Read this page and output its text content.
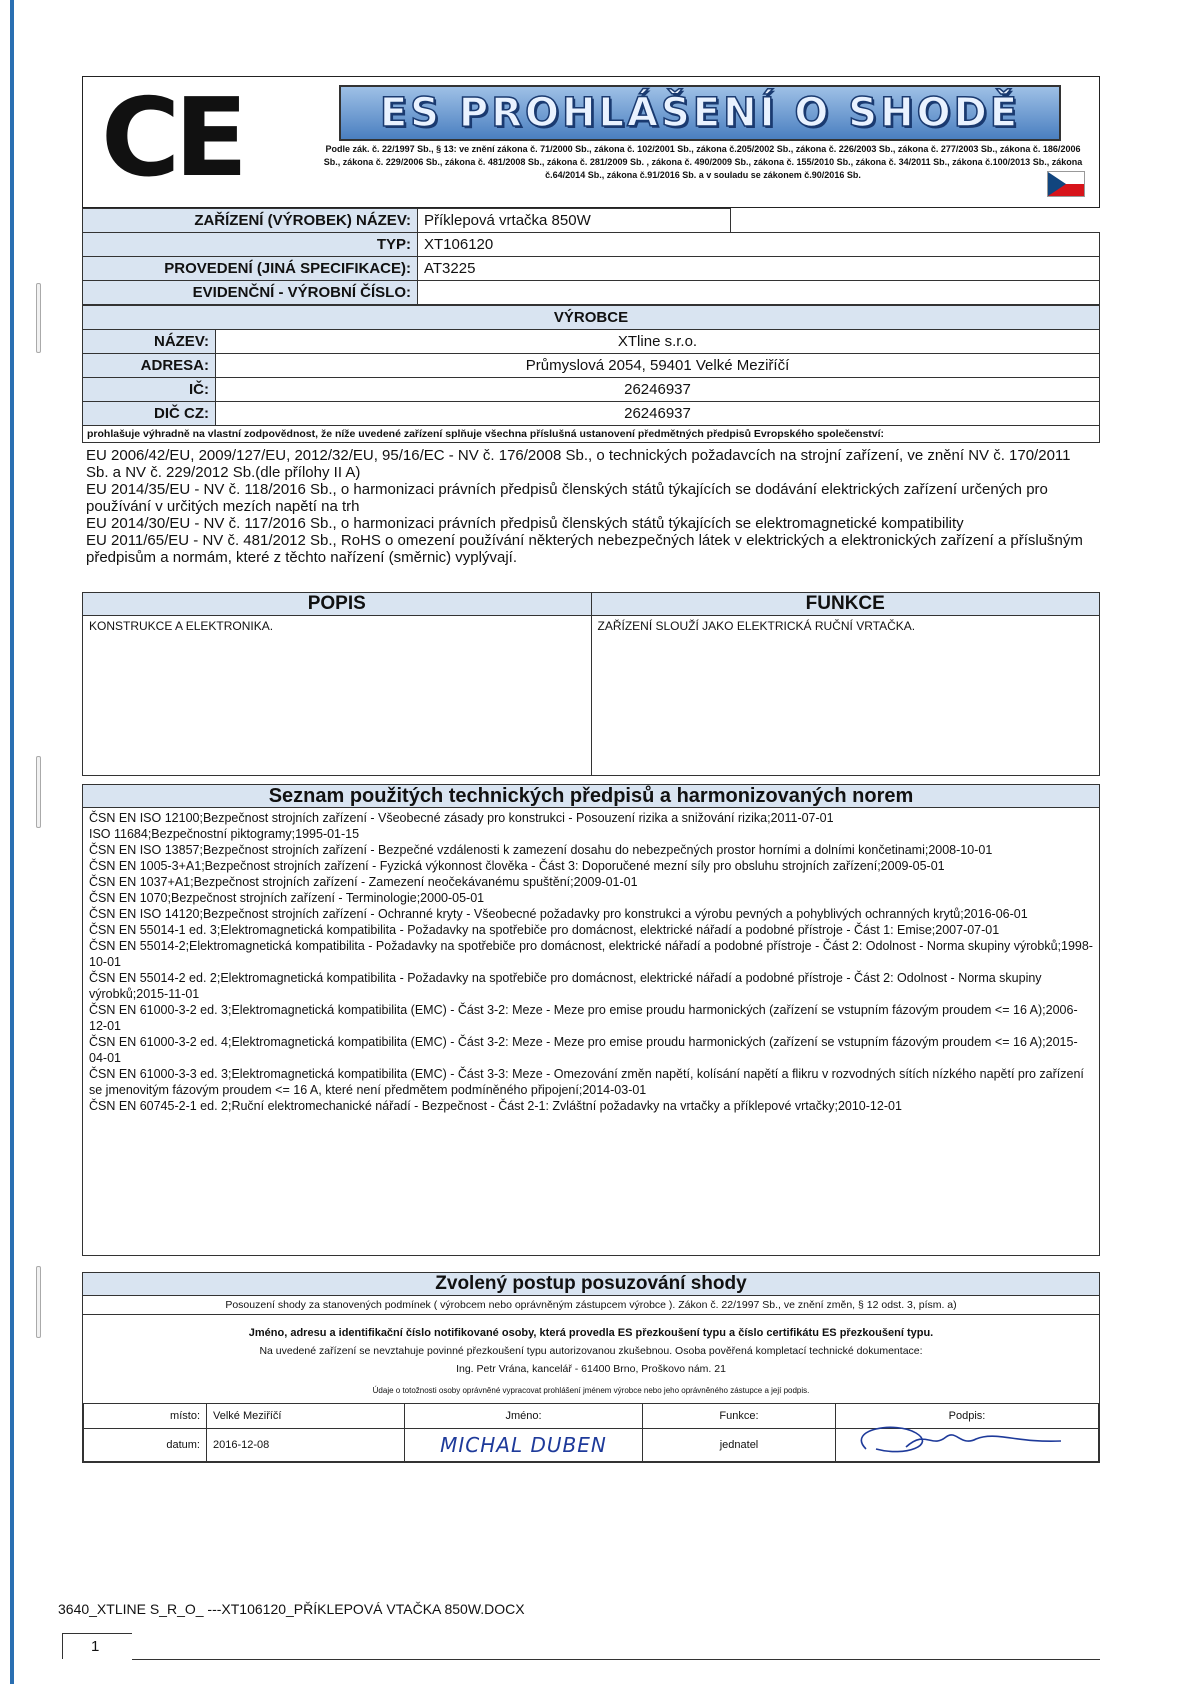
CE	ES PROHLÁŠENÍ O SHODĚ
Podle zák. č. 22/1997 Sb., § 13: ve znění zákona č. 71/2000 Sb., zákona č. 102/2001 Sb., zákona č.205/2002 Sb., zákona č. 226/2003 Sb., zákona č. 277/2003 Sb., zákona č. 186/2006 Sb., zákona č. 229/2006 Sb., zákona č. 481/2008 Sb., zákona č. 281/2009 Sb. , zákona č. 490/2009 Sb., zákona č. 155/2010 Sb., zákona č. 34/2011 Sb., zákona č.100/2013 Sb., zákona č.64/2014 Sb., zákona č.91/2016 Sb. a v souladu se zákonem č.90/2016 Sb.
ZAŘÍZENÍ (VÝROBEK) NÁZEV:	Příklepová vrtačka 850W	
TYP:	XT106120	
PROVEDENÍ (JINÁ SPECIFIKACE):	AT3225	
EVIDENČNÍ - VÝROBNÍ ČÍSLO:		
VÝROBCE	
NÁZEV:	XTline s.r.o.
ADRESA:	Průmyslová 2054, 59401 Velké Meziříčí
IČ:	26246937
DIČ CZ:	26246937
prohlašuje výhradně na vlastní zodpovědnost, že níže uvedené zařízení splňuje všechna příslušná ustanovení předmětných předpisů Evropského společenství:
EU 2006/42/EU, 2009/127/EU, 2012/32/EU, 95/16/EC - NV č. 176/2008 Sb., o technických požadavcích na strojní zařízení, ve znění NV č. 170/2011 Sb. a NV č. 229/2012 Sb.(dle přílohy II A)
EU 2014/35/EU - NV č. 118/2016 Sb., o harmonizaci právních předpisů členských států týkajících se dodávání elektrických zařízení určených pro používání v určitých mezích napětí na trh
EU 2014/30/EU - NV č. 117/2016 Sb., o harmonizaci právních předpisů členských států týkajících se elektromagnetické kompatibility
EU 2011/65/EU - NV č. 481/2012 Sb., RoHS o omezení používání některých nebezpečných látek v elektrických a elektronických zařízení a příslušným předpisům a normám, které z těchto nařízení (směrnic) vyplývají.
POPIS
KONSTRUKCE A ELEKTRONIKA.
FUNKCE
ZAŘÍZENÍ SLOUŽÍ JAKO ELEKTRICKÁ RUČNÍ VRTAČKA.
Seznam použitých technických předpisů a harmonizovaných norem
ČSN EN ISO 12100;Bezpečnost strojních zařízení - Všeobecné zásady pro konstrukci - Posouzení rizika a snižování rizika;2011-07-01
ISO 11684;Bezpečnostní piktogramy;1995-01-15
ČSN EN ISO 13857;Bezpečnost strojních zařízení - Bezpečné vzdálenosti k zamezení dosahu do nebezpečných prostor horními a dolními končetinami;2008-10-01
ČSN EN 1005-3+A1;Bezpečnost strojních zařízení - Fyzická výkonnost člověka - Část 3: Doporučené mezní síly pro obsluhu strojních zařízení;2009-05-01
ČSN EN 1037+A1;Bezpečnost strojních zařízení - Zamezení neočekávanému spuštění;2009-01-01
ČSN EN 1070;Bezpečnost strojních zařízení - Terminologie;2000-05-01
ČSN EN ISO 14120;Bezpečnost strojních zařízení - Ochranné kryty - Všeobecné požadavky pro konstrukci a výrobu pevných a pohyblivých ochranných krytů;2016-06-01
ČSN EN 55014-1 ed. 3;Elektromagnetická kompatibilita - Požadavky na spotřebiče pro domácnost, elektrické nářadí a podobné přístroje - Část 1: Emise;2007-07-01
ČSN EN 55014-2;Elektromagnetická kompatibilita - Požadavky na spotřebiče pro domácnost, elektrické nářadí a podobné přístroje - Část 2: Odolnost - Norma skupiny výrobků;1998-10-01
ČSN EN 55014-2 ed. 2;Elektromagnetická kompatibilita - Požadavky na spotřebiče pro domácnost, elektrické nářadí a podobné přístroje - Část 2: Odolnost - Norma skupiny výrobků;2015-11-01
ČSN EN 61000-3-2 ed. 3;Elektromagnetická kompatibilita (EMC) - Část 3-2: Meze - Meze pro emise proudu harmonických (zařízení se vstupním fázovým proudem <= 16 A);2006-12-01
ČSN EN 61000-3-2 ed. 4;Elektromagnetická kompatibilita (EMC) - Část 3-2: Meze - Meze pro emise proudu harmonických (zařízení se vstupním fázovým proudem <= 16 A);2015-04-01
ČSN EN 61000-3-3 ed. 3;Elektromagnetická kompatibilita (EMC) - Část 3-3: Meze - Omezování změn napětí, kolísání napětí a flikru v rozvodných sítích nízkého napětí pro zařízení se jmenovitým fázovým proudem <= 16 A, které není předmětem podmíněného připojení;2014-03-01
ČSN EN 60745-2-1 ed. 2;Ruční elektromechanické nářadí - Bezpečnost - Část 2-1: Zvláštní požadavky na vrtačky a příklepové vrtačky;2010-12-01
Zvolený postup posuzování shody
Posouzení shody za stanovených podmínek ( výrobcem nebo oprávněným zástupcem výrobce ). Zákon č. 22/1997 Sb., ve znění změn, § 12 odst. 3, písm. a)
Jméno, adresu a identifikační číslo notifikované osoby, která provedla ES přezkoušení typu a číslo certifikátu ES přezkoušení typu.
Na uvedené zařízení se nevztahuje povinné přezkoušení typu autorizovanou zkušebnou. Osoba pověřená kompletací technické dokumentace:
Ing. Petr Vrána, kancelář - 61400 Brno, Proškovo nám. 21
Údaje o totožnosti osoby oprávněné vypracovat prohlášení jménem výrobce nebo jeho oprávněného zástupce a její podpis.
místo:	Velké Meziříčí	Jméno:	Funkce:	Podpis:
datum:	2016-12-08	MICHAL DUBEN	jednatel	
3640_XTLINE S_R_O_ ---XT106120_PŘÍKLEPOVÁ VTAČKA 850W.DOCX
1
